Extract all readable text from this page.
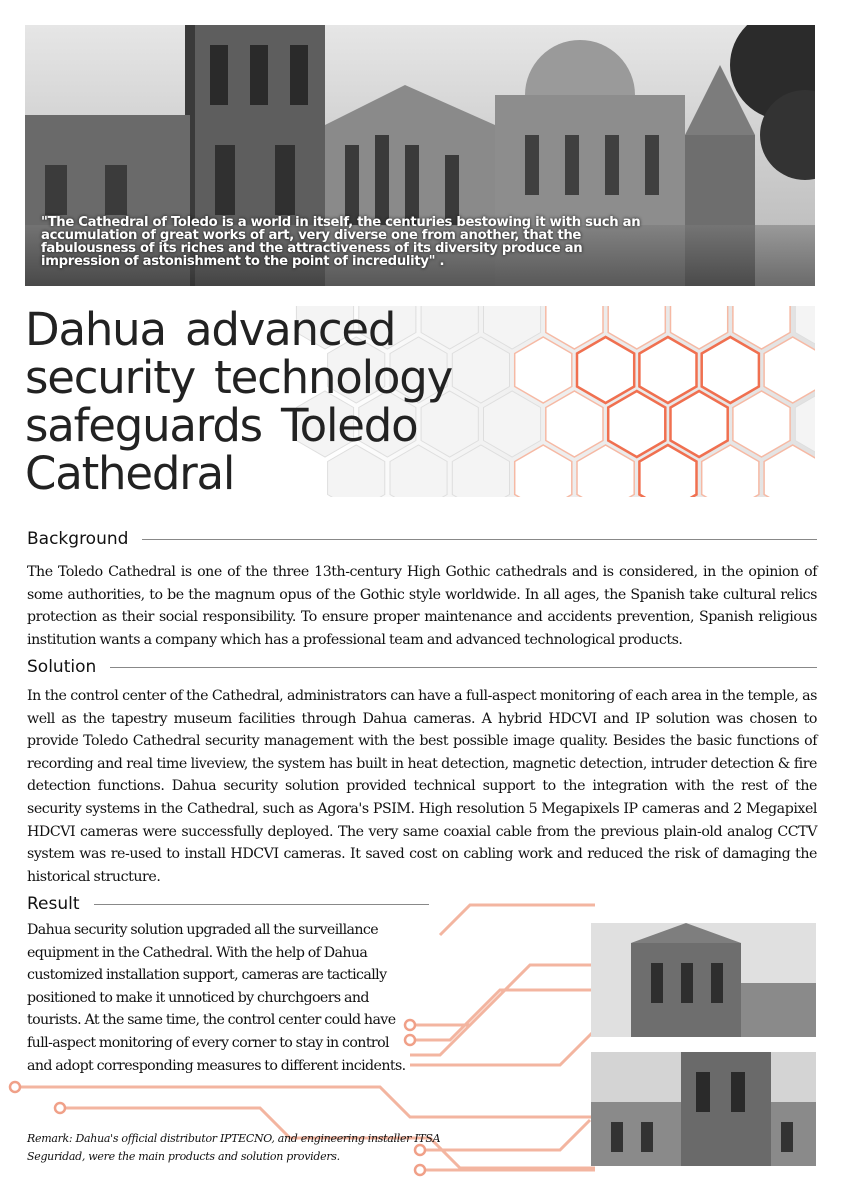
"The Cathedral of Toledo is a world in itself, the centuries bestowing it with such an accumulation of great works of art, very diverse one from another, that the fabulousness of its riches and the attractiveness of its diversity produce an impression of astonishment to the point of incredulity" .
Dahua advanced security technology safeguards Toledo Cathedral
Background

The Toledo Cathedral is one of the three 13th-century High Gothic cathedrals and is considered, in the opinion of some authorities, to be the magnum opus of the Gothic style worldwide. In all ages, the Spanish take cultural relics protection as their social responsibility. To ensure proper maintenance and accidents prevention, Spanish religious institution wants a company which has a professional team and advanced technological products.

Solution

In the control center of the Cathedral, administrators can have a full-aspect monitoring of each area in the temple, as well as the tapestry museum facilities through Dahua cameras. A hybrid HDCVI and IP solution was chosen to provide Toledo Cathedral security management with the best possible image quality. Besides the basic functions of recording and real time liveview, the system has built in heat detection, magnetic detection, intruder detection & fire detection functions. Dahua security solution provided technical support to the integration with the rest of the security systems in the Cathedral, such as Agora's PSIM. High resolution 5 Megapixels IP cameras and 2 Megapixel HDCVI cameras were successfully deployed. The very same coaxial cable from the previous plain-old analog CCTV system was re-used to install HDCVI cameras. It saved cost on cabling work and reduced the risk of damaging the historical structure.

Result

Dahua security solution upgraded all the surveillance equipment in the Cathedral. With the help of Dahua customized installation support, cameras are tactically positioned to make it unnoticed by churchgoers and tourists. At the same time, the control center could have full-aspect monitoring of every corner to stay in control and adopt corresponding measures to different incidents.

Remark: Dahua's official distributor IPTECNO, and engineering installer ITSA Seguridad, were the main products and solution providers.
